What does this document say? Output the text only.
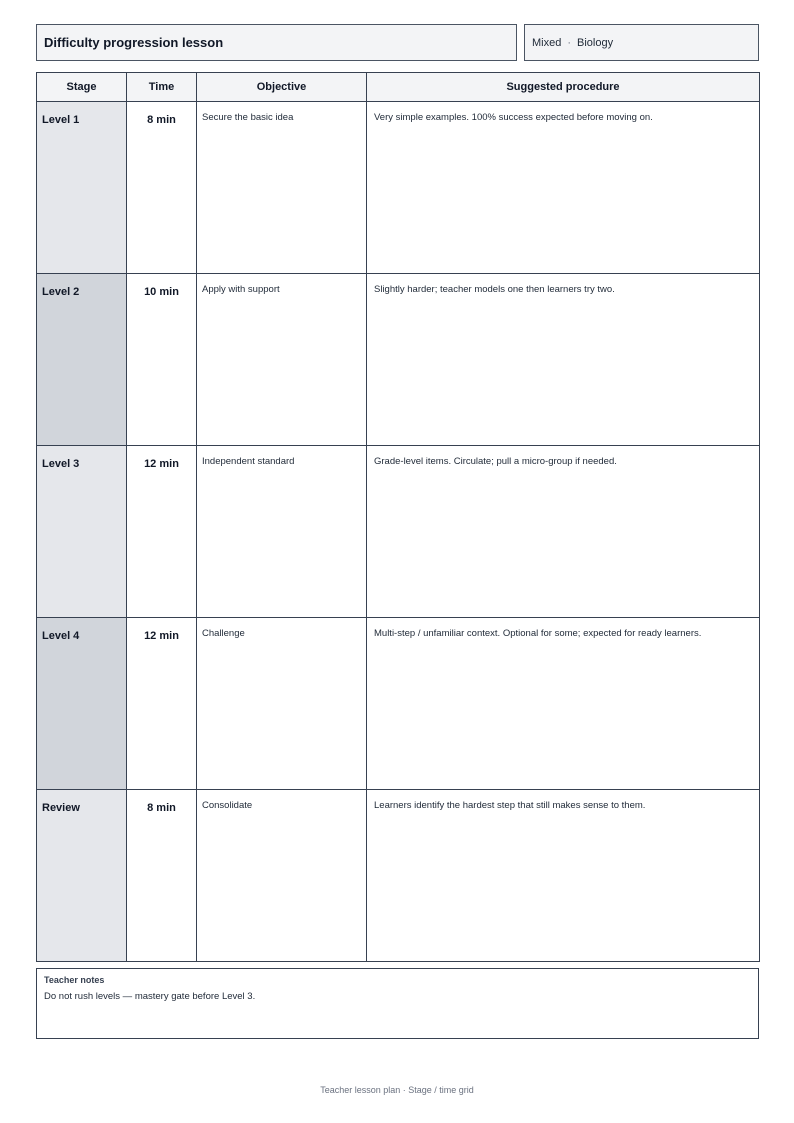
Difficulty progression lesson	Mixed · Biology
Stage	Time	Objective	Suggested procedure
Level 1	8 min	Secure the basic idea	Very simple examples. 100% success expected before moving on.
Level 2	10 min	Apply with support	Slightly harder; teacher models one then learners try two.
Level 3	12 min	Independent standard	Grade-level items. Circulate; pull a micro-group if needed.
Level 4	12 min	Challenge	Multi-step / unfamiliar context. Optional for some; expected for ready learners.
Review	8 min	Consolidate	Learners identify the hardest step that still makes sense to them.
Teacher notes
Do not rush levels — mastery gate before Level 3.
Teacher lesson plan · Stage / time grid
